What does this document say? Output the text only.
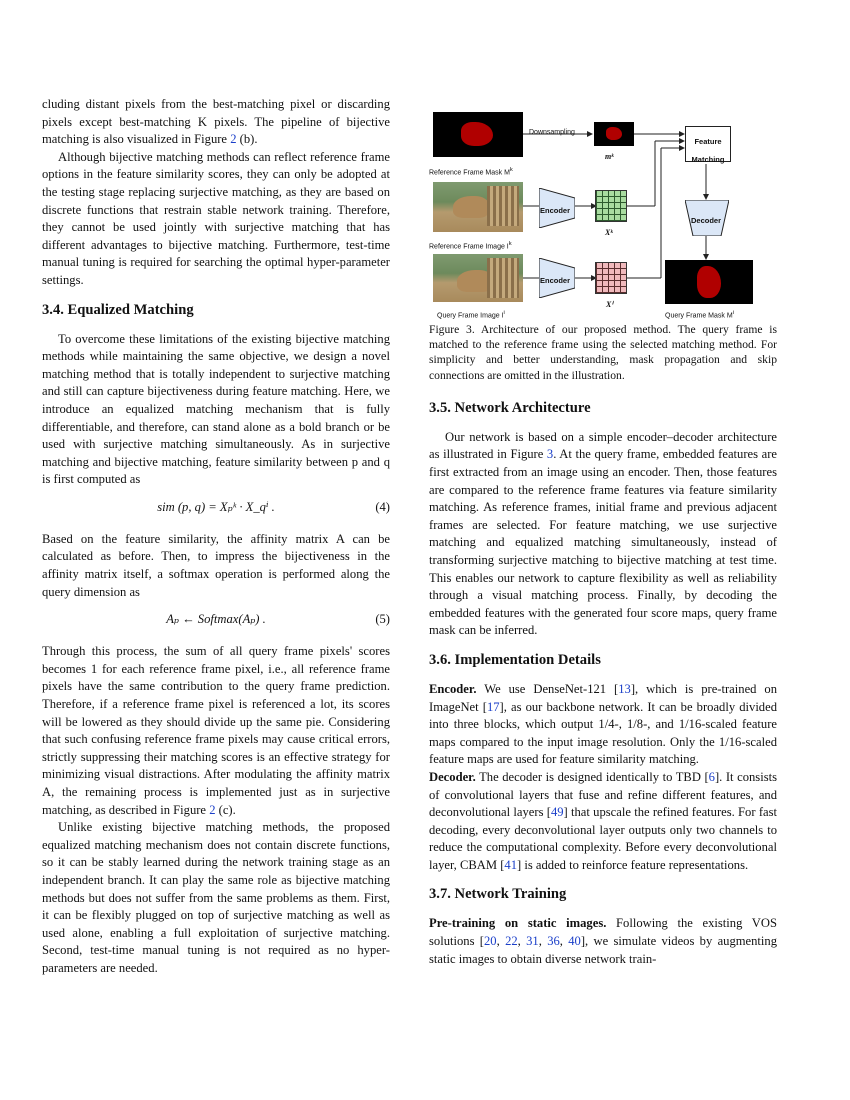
cluding distant pixels from the best-matching pixel or discarding pixels except best-matching K pixels. The pipeline of bijective matching is also visualized in Figure 2 (b).

Although bijective matching methods can reflect reference frame options in the feature similarity scores, they can only be adopted at the testing stage replacing surjective matching, as they are based on discrete functions that restrain stable network training. Therefore, they cannot be used jointly with surjective matching that has different advantages to bijective matching. Furthermore, test-time manual tuning is required for searching the optimal hyper-parameter settings.

3.4. Equalized Matching

To overcome these limitations of the existing bijective matching methods while maintaining the same objective, we design a novel matching method that is totally independent to surjective matching and still can capture bijectiveness during feature matching. Here, we introduce an equalized matching mechanism that is fully differentiable, and therefore, can stand alone as a bold branch or be used with surjective matching simultaneously. As in surjective matching and bijective matching, feature similarity between p and q is first computed as

sim (p, q) = Xₚᵏ · X_qⁱ .	(4)

Based on the feature similarity, the affinity matrix A can be calculated as before. Then, to impress the bijectiveness in the affinity matrix itself, a softmax operation is performed along the query dimension as

Aₚ ← Softmax(Aₚ) .	(5)

Through this process, the sum of all query frame pixels' scores becomes 1 for each reference frame pixel, i.e., all reference frame pixels have the same contribution to the query frame prediction. Therefore, if a reference frame pixel is referenced a lot, its scores will be lowered as they should divide up the same pie. Considering that such confusing reference frame pixels may cause critical errors, strictly suppressing their matching scores is an effective strategy for minimizing visual distractions. After modulating the affinity matrix A, the remaining process is implemented just as in surjective matching, as described in Figure 2 (c).

Unlike existing bijective matching methods, the proposed equalized matching mechanism does not contain discrete functions, so it can be stably learned during the network training stage as an independent branch. It can play the same role as bijective matching methods but does not suffer from the same problems as them. First, it can be flexibly plugged on top of surjective matching as well as used alone, enabling a full exploitation of surjective matching. Second, test-time manual tuning is not required as no hyper-parameters are needed.

Reference Frame Mask $M^k$
Downsampling
mᵏ
Feature Matching
Reference Frame Image $I^k$
Encoder
Xᵏ
Query Frame Image $I^i$
Encoder
Xⁱ
Decoder
Query Frame Mask $M^i$

Figure 3. Architecture of our proposed method. The query frame is matched to the reference frame using the selected matching method. For simplicity and better understanding, mask propagation and skip connections are omitted in the illustration.

3.5. Network Architecture

Our network is based on a simple encoder–decoder architecture as illustrated in Figure 3. At the query frame, embedded features are first extracted from an image using an encoder. Then, those features are compared to the reference frame features via feature similarity matching. As reference frames, initial frame and previous adjacent frames are selected. For feature matching, we use surjective matching and equalized matching simultaneously, instead of transforming surjective matching to bijective matching at test time. This enables our network to capture flexibility as well as reliability through a visual matching process. Finally, by decoding the embedded features with the generated four score maps, query frame mask can be inferred.

3.6. Implementation Details

Encoder. We use DenseNet-121 [13], which is pre-trained on ImageNet [17], as our backbone network. It can be broadly divided into three blocks, which output 1/4-, 1/8-, and 1/16-scaled feature maps compared to the input image resolution. Only the 1/16-scaled feature maps are used for feature similarity matching.

Decoder. The decoder is designed identically to TBD [6]. It consists of convolutional layers that fuse and refine different features, and deconvolutional layers [49] that upscale the refined features. For fast decoding, every deconvolutional layer outputs only two channels to reduce the computational complexity. Before every deconvolutional layer, CBAM [41] is added to reinforce feature representations.

3.7. Network Training

Pre-training on static images. Following the existing VOS solutions [20, 22, 31, 36, 40], we simulate videos by augmenting static images to obtain diverse network train-
